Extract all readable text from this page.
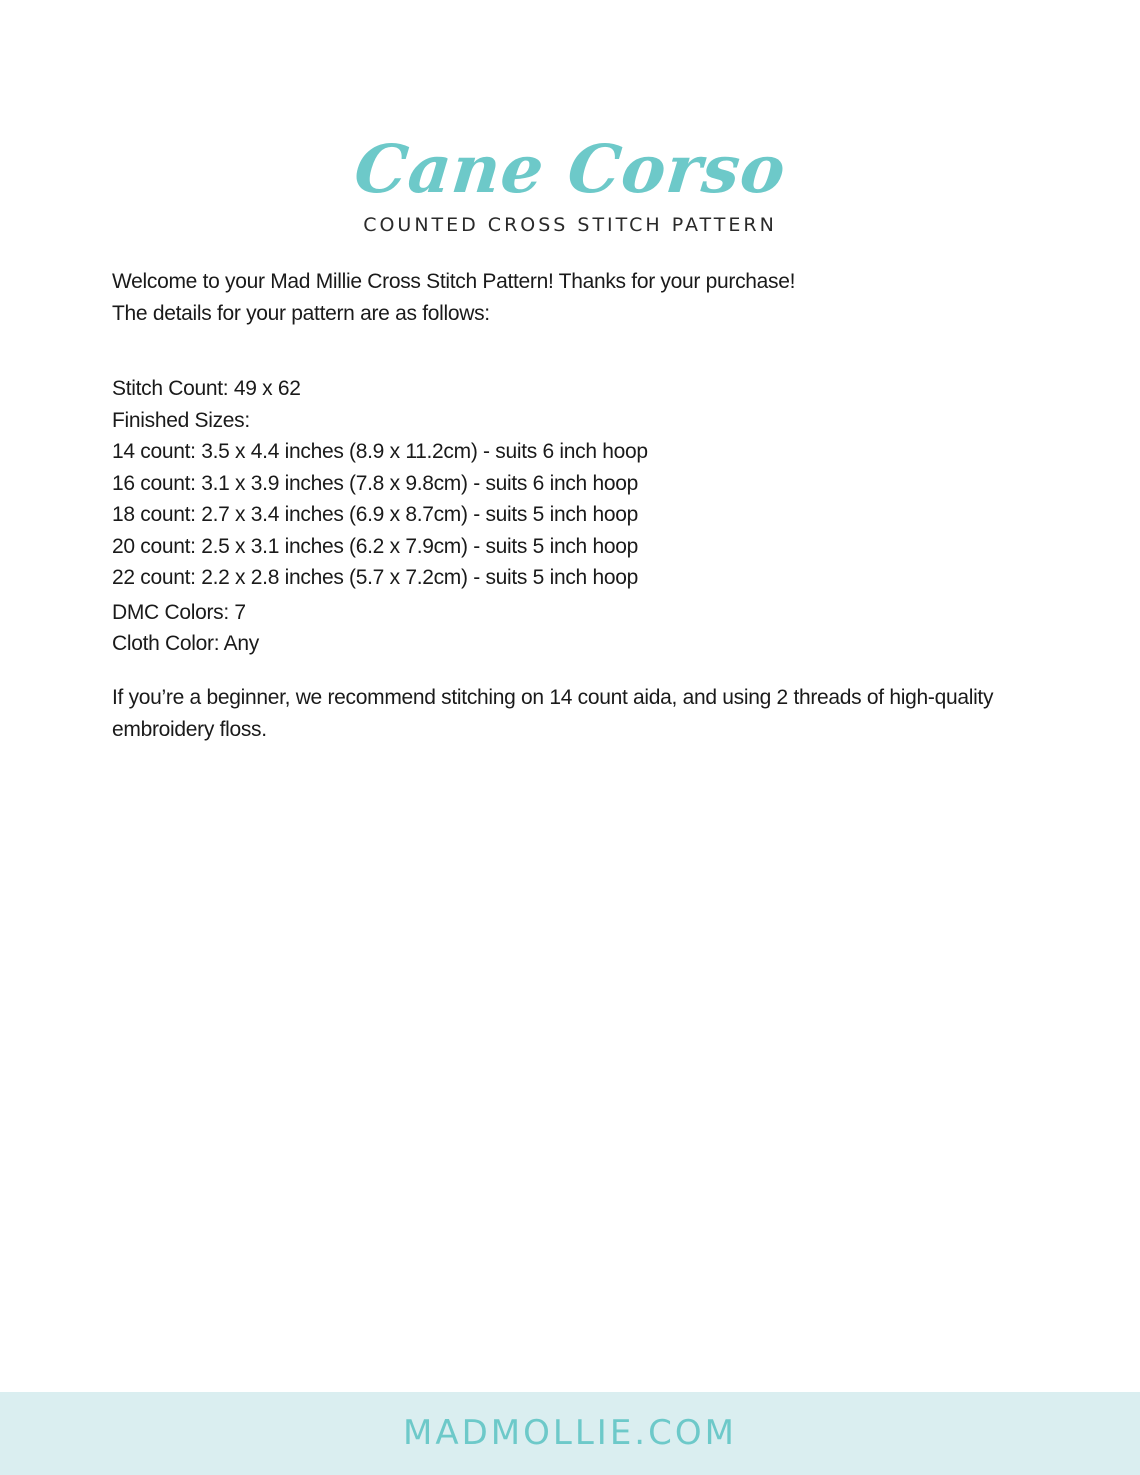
Cane Corso
COUNTED CROSS STITCH PATTERN

Welcome to your Mad Millie Cross Stitch Pattern! Thanks for your purchase!

The details for your pattern are as follows:

Stitch Count: 49 x 62
Finished Sizes:
14 count: 3.5 x 4.4 inches (8.9 x 11.2cm) - suits 6 inch hoop
16 count: 3.1 x 3.9 inches (7.8 x 9.8cm) - suits 6 inch hoop
18 count: 2.7 x 3.4 inches (6.9 x 8.7cm) - suits 5 inch hoop
20 count: 2.5 x 3.1 inches (6.2 x 7.9cm) - suits 5 inch hoop
22 count: 2.2 x 2.8 inches (5.7 x 7.2cm) - suits 5 inch hoop
DMC Colors: 7
Cloth Color: Any
If you’re a beginner, we recommend stitching on 14 count aida, and using 2 threads of high-quality
embroidery floss.
MADMOLLIE.COM
